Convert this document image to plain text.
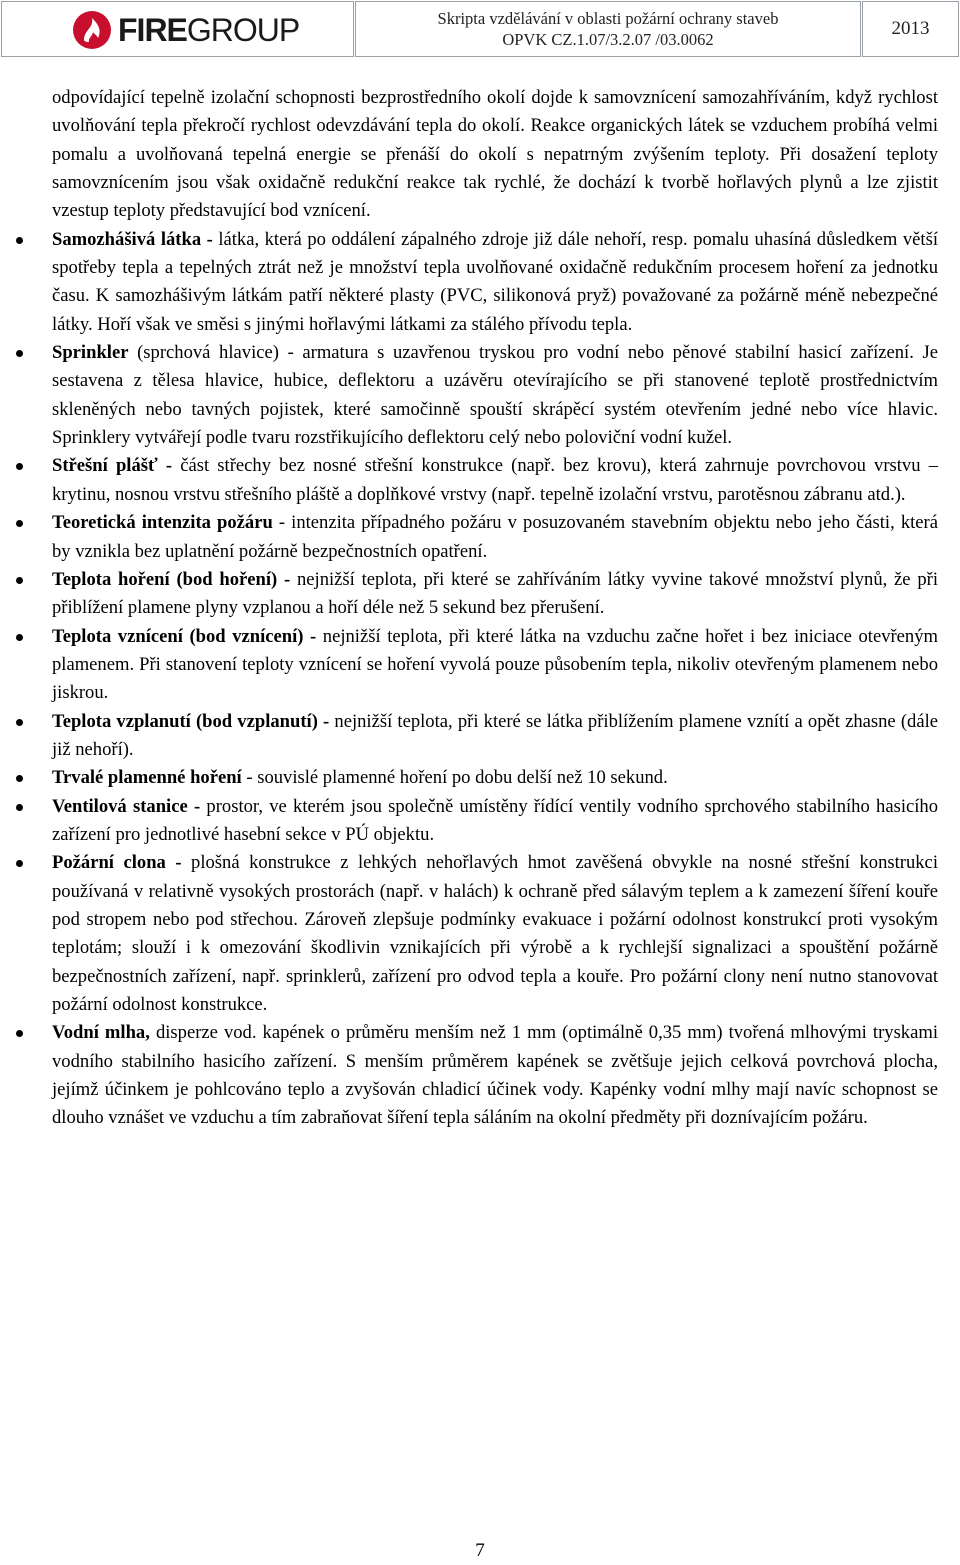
FIREGROUP	Skripta vzdělávání v oblasti požární ochrany staveb
OPVK CZ.1.07/3.2.07 /03.0062
2013

odpovídající tepelně izolační schopnosti bezprostředního okolí dojde k samovznícení samozahříváním, když rychlost uvolňování tepla překročí rychlost odevzdávání tepla do okolí. Reakce organických látek se vzduchem probíhá velmi pomalu a uvolňovaná tepelná energie se přenáší do okolí s nepatrným zvýšením teploty. Při dosažení teploty samovznícením jsou však oxidačně redukční reakce tak rychlé, že dochází k tvorbě hořlavých plynů a lze zjistit vzestup teploty představující bod vznícení.

Samozhášivá látka - látka, která po oddálení zápalného zdroje již dále nehoří, resp. pomalu uhasíná důsledkem větší spotřeby tepla a tepelných ztrát než je množství tepla uvolňované oxidačně redukčním procesem hoření za jednotku času. K samozhášivým látkám patří některé plasty (PVC, silikonová pryž) považované za požárně méně nebezpečné látky. Hoří však ve směsi s jinými hořlavými látkami za stálého přívodu tepla.
Sprinkler (sprchová hlavice) - armatura s uzavřenou tryskou pro vodní nebo pěnové stabilní hasicí zařízení. Je sestavena z tělesa hlavice, hubice, deflektoru a uzávěru otevírajícího se při stanovené teplotě prostřednictvím skleněných nebo tavných pojistek, které samočinně spouští skrápěcí systém otevřením jedné nebo více hlavic. Sprinklery vytvářejí podle tvaru rozstřikujícího deflektoru celý nebo poloviční vodní kužel.
Střešní plášť - část střechy bez nosné střešní konstrukce (např. bez krovu), která zahrnuje povrchovou vrstvu – krytinu, nosnou vrstvu střešního pláště a doplňkové vrstvy (např. tepelně izolační vrstvu, parotěsnou zábranu atd.).
Teoretická intenzita požáru - intenzita případného požáru v posuzovaném stavebním objektu nebo jeho části, která by vznikla bez uplatnění požárně bezpečnostních opatření.
Teplota hoření (bod hoření) - nejnižší teplota, při které se zahříváním látky vyvine takové množství plynů, že při přiblížení plamene plyny vzplanou a hoří déle než 5 sekund bez přerušení.
Teplota vznícení (bod vznícení) - nejnižší teplota, při které látka na vzduchu začne hořet i bez iniciace otevřeným plamenem. Při stanovení teploty vznícení se hoření vyvolá pouze působením tepla, nikoliv otevřeným plamenem nebo jiskrou.
Teplota vzplanutí (bod vzplanutí) - nejnižší teplota, při které se látka přiblížením plamene vznítí a opět zhasne (dále již nehoří).
Trvalé plamenné hoření - souvislé plamenné hoření po dobu delší než 10 sekund.
Ventilová stanice - prostor, ve kterém jsou společně umístěny řídící ventily vodního sprchového stabilního hasicího zařízení pro jednotlivé hasební sekce v PÚ objektu.
Požární clona - plošná konstrukce z lehkých nehořlavých hmot zavěšená obvykle na nosné střešní konstrukci používaná v relativně vysokých prostorách (např. v halách) k ochraně před sálavým teplem a k zamezení šíření kouře pod stropem nebo pod střechou. Zároveň zlepšuje podmínky evakuace i požární odolnost konstrukcí proti vysokým teplotám; slouží i k omezování škodlivin vznikajících při výrobě a k rychlejší signalizaci a spouštění požárně bezpečnostních zařízení, např. sprinklerů, zařízení pro odvod tepla a kouře. Pro požární clony není nutno stanovovat požární odolnost konstrukce.
Vodní mlha, disperze vod. kapének o průměru menším než 1 mm (optimálně 0,35 mm) tvořená mlhovými tryskami vodního stabilního hasicího zařízení. S menším průměrem kapének se zvětšuje jejich celková povrchová plocha, jejímž účinkem je pohlcováno teplo a zvyšován chladicí účinek vody. Kapénky vodní mlhy mají navíc schopnost se dlouho vznášet ve vzduchu a tím zabraňovat šíření tepla sáláním na okolní předměty při doznívajícím požáru.
7
